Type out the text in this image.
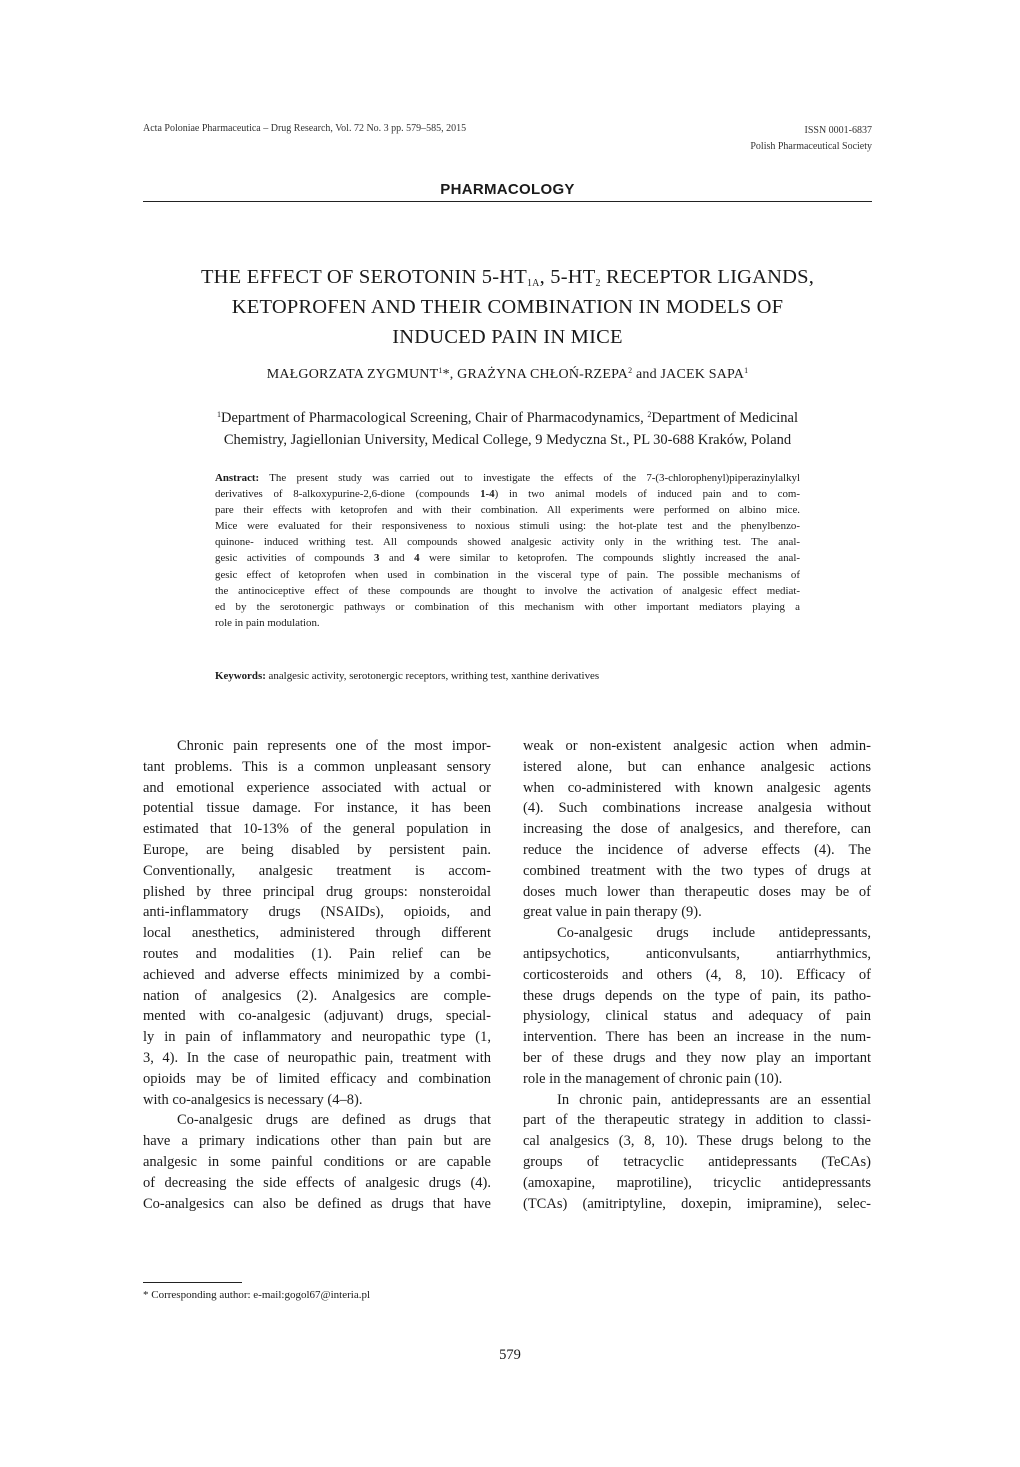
Acta Poloniae Pharmaceutica – Drug Research, Vol. 72 No. 3 pp. 579–585, 2015	ISSN 0001-6837
Polish Pharmaceutical Society
PHARMACOLOGY
THE EFFECT OF SEROTONIN $5-HT_{1A}$, $5-HT_2$ RECEPTOR LIGANDS,
KETOPROFEN AND THEIR COMBINATION IN MODELS OF
INDUCED PAIN IN MICE
MAŁGORZATA ZYGMUNT$^1$*, GRAŻYNA CHŁOŃ-RZEPA$^2$ and JACEK SAPA$^1$
$^1$Department of Pharmacological Screening, Chair of Pharmacodynamics, $^2$Department of Medicinal
Chemistry, Jagiellonian University, Medical College, 9 Medyczna St., PL 30-688 Kraków, Poland
Anstract: The present study was carried out to investigate the effects of the 7-(3-chlorophenyl)piperazinylalkyl
derivatives of 8-alkoxypurine-2,6-dione (compounds 1-4) in two animal models of induced pain and to com-
pare their effects with ketoprofen and with their combination. All experiments were performed on albino mice.
Mice were evaluated for their responsiveness to noxious stimuli using: the hot-plate test and the phenylbenzo-
quinone- induced writhing test. All compounds showed analgesic activity only in the writhing test. The anal-
gesic activities of compounds 3 and 4 were similar to ketoprofen. The compounds slightly increased the anal-
gesic effect of ketoprofen when used in combination in the visceral type of pain. The possible mechanisms of
the antinociceptive effect of these compounds are thought to involve the activation of analgesic effect mediat-
ed by the serotonergic pathways or combination of this mechanism with other important mediators playing a
role in pain modulation.
Keywords: analgesic activity, serotonergic receptors, writhing test, xanthine derivatives
Chronic pain represents one of the most impor-
tant problems. This is a common unpleasant sensory
and emotional experience associated with actual or
potential tissue damage. For instance, it has been
estimated that 10-13% of the general population in
Europe, are being disabled by persistent pain.
Conventionally, analgesic treatment is accom-
plished by three principal drug groups: nonsteroidal
anti-inflammatory drugs (NSAIDs), opioids, and
local anesthetics, administered through different
routes and modalities (1). Pain relief can be
achieved and adverse effects minimized by a combi-
nation of analgesics (2). Analgesics are comple-
mented with co-analgesic (adjuvant) drugs, special-
ly in pain of inflammatory and neuropathic type (1,
3, 4). In the case of neuropathic pain, treatment with
opioids may be of limited efficacy and combination
with co-analgesics is necessary (4–8).
Co-analgesic drugs are defined as drugs that
have a primary indications other than pain but are
analgesic in some painful conditions or are capable
of decreasing the side effects of analgesic drugs (4).
Co-analgesics can also be defined as drugs that have
weak or non-existent analgesic action when admin-
istered alone, but can enhance analgesic actions
when co-administered with known analgesic agents
(4). Such combinations increase analgesia without
increasing the dose of analgesics, and therefore, can
reduce the incidence of adverse effects (4). The
combined treatment with the two types of drugs at
doses much lower than therapeutic doses may be of
great value in pain therapy (9).
Co-analgesic drugs include antidepressants,
antipsychotics, anticonvulsants, antiarrhythmics,
corticosteroids and others (4, 8, 10). Efficacy of
these drugs depends on the type of pain, its patho-
physiology, clinical status and adequacy of pain
intervention. There has been an increase in the num-
ber of these drugs and they now play an important
role in the management of chronic pain (10).
In chronic pain, antidepressants are an essential
part of the therapeutic strategy in addition to classi-
cal analgesics (3, 8, 10). These drugs belong to the
groups of tetracyclic antidepressants (TeCAs)
(amoxapine, maprotiline), tricyclic antidepressants
(TCAs) (amitriptyline, doxepin, imipramine), selec-
* Corresponding author: e-mail:gogol67@interia.pl
579
